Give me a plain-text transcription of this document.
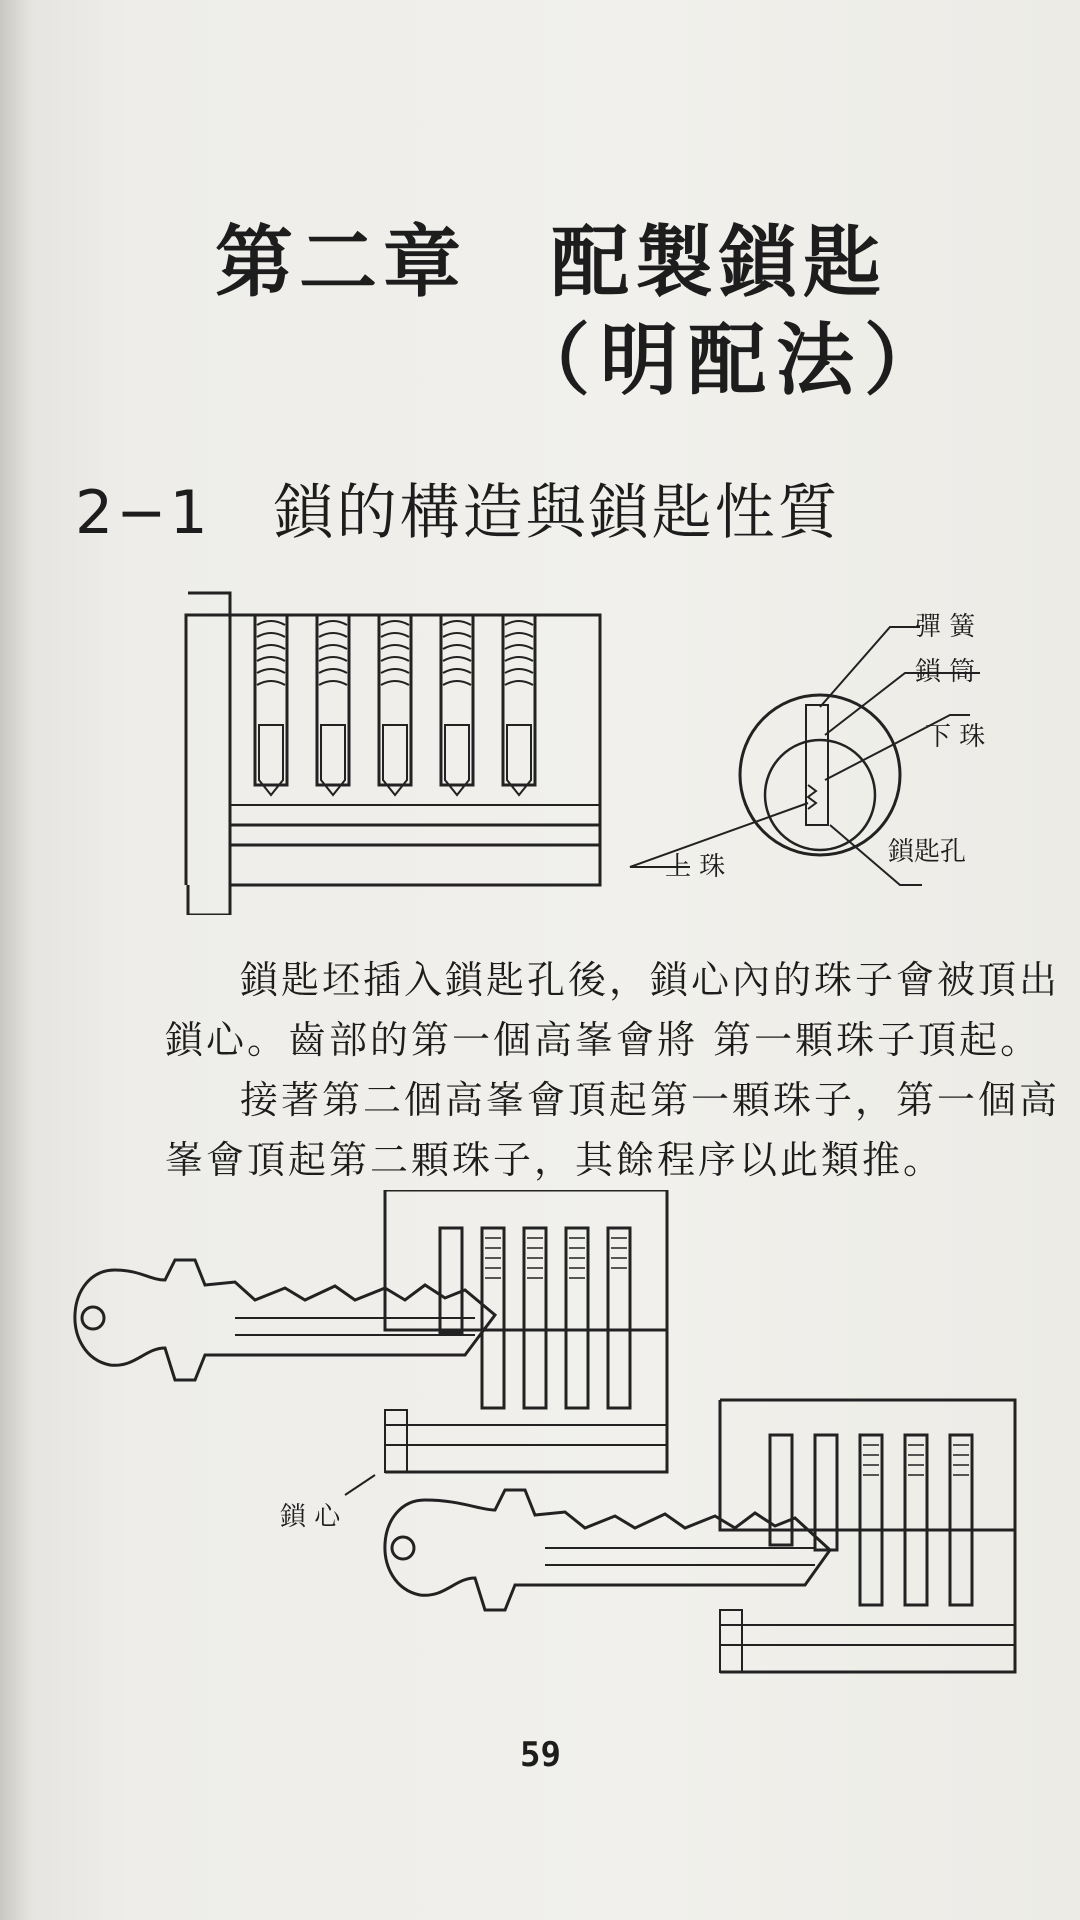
第二章　配製鎖匙
（明配法）
2−1　鎖的構造與鎖匙性質
彈 簧
鎖 筒
下 珠
上 珠	鎖匙孔
鎖匙坯插入鎖匙孔後，鎖心內的珠子會被頂出
鎖心。齒部的第一個高峯會將 第一顆珠子頂起。
接著第二個高峯會頂起第一顆珠子，第一個高
峯會頂起第二顆珠子，其餘程序以此類推。
鎖 心
59
